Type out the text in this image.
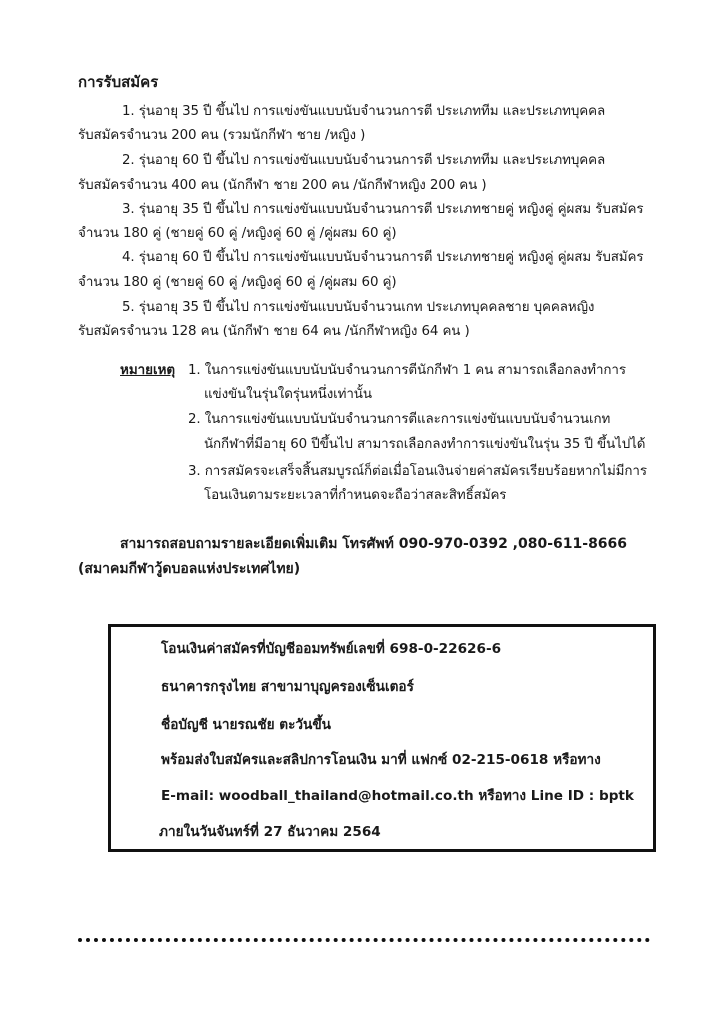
การรับสมัคร
1. รุ่นอายุ 35 ปี ขึ้นไป การแข่งขันแบบนับจำนวนการตี ประเภททีม และประเภทบุคคล
รับสมัครจำนวน 200 คน (รวมนักกีฬา ชาย /หญิง )
2. รุ่นอายุ 60 ปี ขึ้นไป การแข่งขันแบบนับจำนวนการตี ประเภททีม และประเภทบุคคล
รับสมัครจำนวน 400 คน (นักกีฬา ชาย 200 คน /นักกีฬาหญิง 200 คน )
3. รุ่นอายุ 35 ปี ขึ้นไป การแข่งขันแบบนับจำนวนการตี ประเภทชายคู่ หญิงคู่ คู่ผสม รับสมัคร
จำนวน 180 คู่ (ชายคู่ 60 คู่ /หญิงคู่ 60 คู่ /คู่ผสม 60 คู่)
4. รุ่นอายุ 60 ปี ขึ้นไป การแข่งขันแบบนับจำนวนการตี ประเภทชายคู่ หญิงคู่ คู่ผสม รับสมัคร
จำนวน 180 คู่ (ชายคู่ 60 คู่ /หญิงคู่ 60 คู่ /คู่ผสม 60 คู่)
5. รุ่นอายุ 35 ปี ขึ้นไป การแข่งขันแบบนับจำนวนเกท ประเภทบุคคลชาย บุคคลหญิง
รับสมัครจำนวน 128 คน (นักกีฬา ชาย 64 คน /นักกีฬาหญิง 64 คน )
หมายเหตุ 1. ในการแข่งขันแบบนับนับจำนวนการตีนักกีฬา 1 คน สามารถเลือกลงทำการ
แข่งขันในรุ่นใดรุ่นหนึ่งเท่านั้น
2. ในการแข่งขันแบบนับนับจำนวนการตีและการแข่งขันแบบนับจำนวนเกท
นักกีฬาที่มีอายุ 60 ปีขึ้นไป สามารถเลือกลงทำการแข่งขันในรุ่น 35 ปี ขึ้นไปได้
3. การสมัครจะเสร็จสิ้นสมบูรณ์ก็ต่อเมื่อโอนเงินจ่ายค่าสมัครเรียบร้อยหากไม่มีการ
โอนเงินตามระยะเวลาที่กำหนดจะถือว่าสละสิทธิ์สมัคร
สามารถสอบถามรายละเอียดเพิ่มเติม โทรศัพท์ 090-970-0392 ,080-611-8666
(สมาคมกีฬาวู้ดบอลแห่งประเทศไทย)
โอนเงินค่าสมัครที่บัญชีออมทรัพย์เลขที่ 698-0-22626-6
ธนาคารกรุงไทย สาขามาบุญครองเซ็นเตอร์
ชื่อบัญชี นายรณชัย ตะวันขึ้น
พร้อมส่งใบสมัครและสลิปการโอนเงิน มาที่ แฟกซ์ 02-215-0618 หรือทาง
E-mail: woodball_thailand@hotmail.co.th หรือทาง Line ID : bptk
ภายในวันจันทร์ที่ 27 ธันวาคม 2564
